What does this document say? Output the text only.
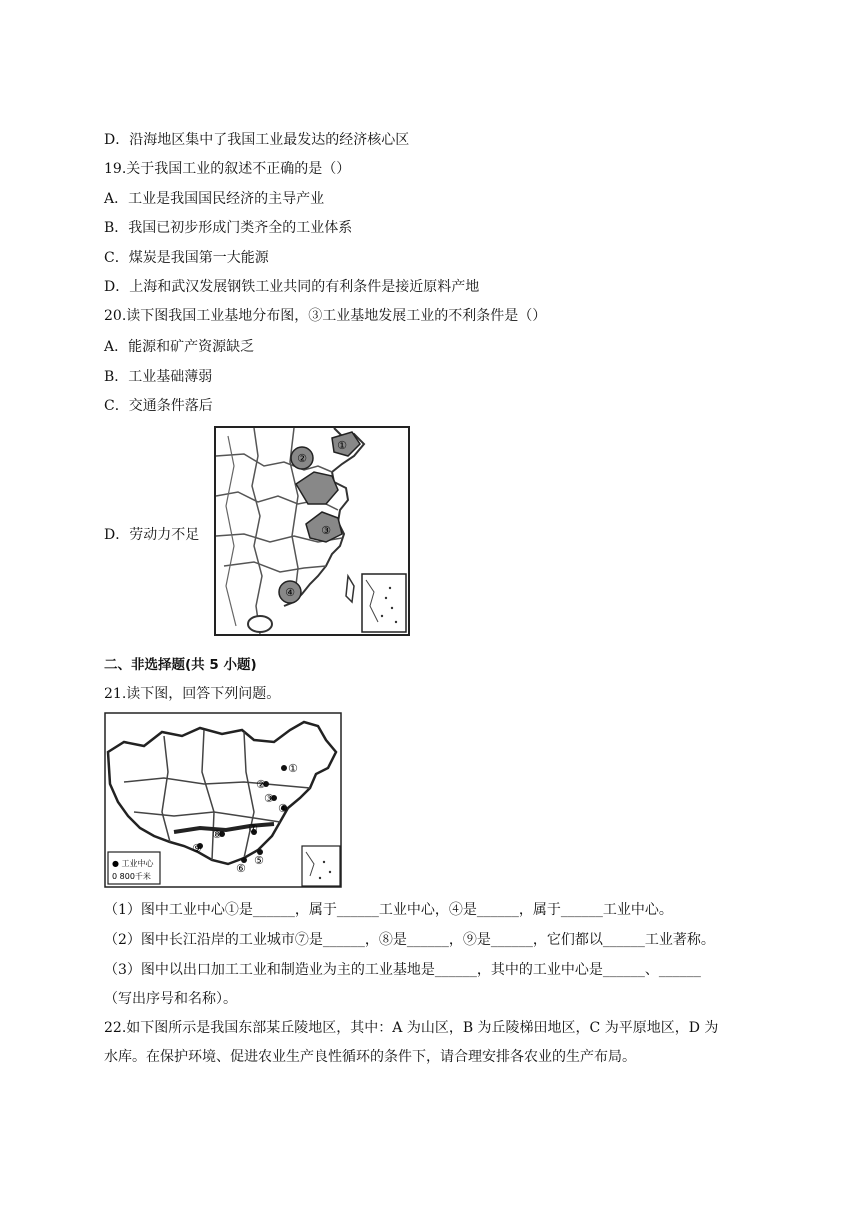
D．沿海地区集中了我国工业最发达的经济核心区
19.关于我国工业的叙述不正确的是（）
A．工业是我国国民经济的主导产业
B．我国已初步形成门类齐全的工业体系
C．煤炭是我国第一大能源
D．上海和武汉发展钢铁工业共同的有利条件是接近原料产地
20.读下图我国工业基地分布图，③工业基地发展工业的不利条件是（）
A．能源和矿产资源缺乏
B．工业基础薄弱
C．交通条件落后
D．劳动力不足
①
②
③
④
二、非选择题(共 5 小题)
21.读下图，回答下列问题。
①
②
③
④
⑤
⑥
⑦
⑧
⑨
● 工业中心
0 800千米
（1）图中工业中心①是______，属于______工业中心，④是______，属于______工业中心。
（2）图中长江沿岸的工业城市⑦是______，⑧是______，⑨是______，它们都以______工业著称。
（3）图中以出口加工工业和制造业为主的工业基地是______，其中的工业中心是______、______
（写出序号和名称）。
22.如下图所示是我国东部某丘陵地区，其中：A 为山区，B 为丘陵梯田地区，C 为平原地区，D 为
水库。在保护环境、促进农业生产良性循环的条件下，请合理安排各农业的生产布局。
